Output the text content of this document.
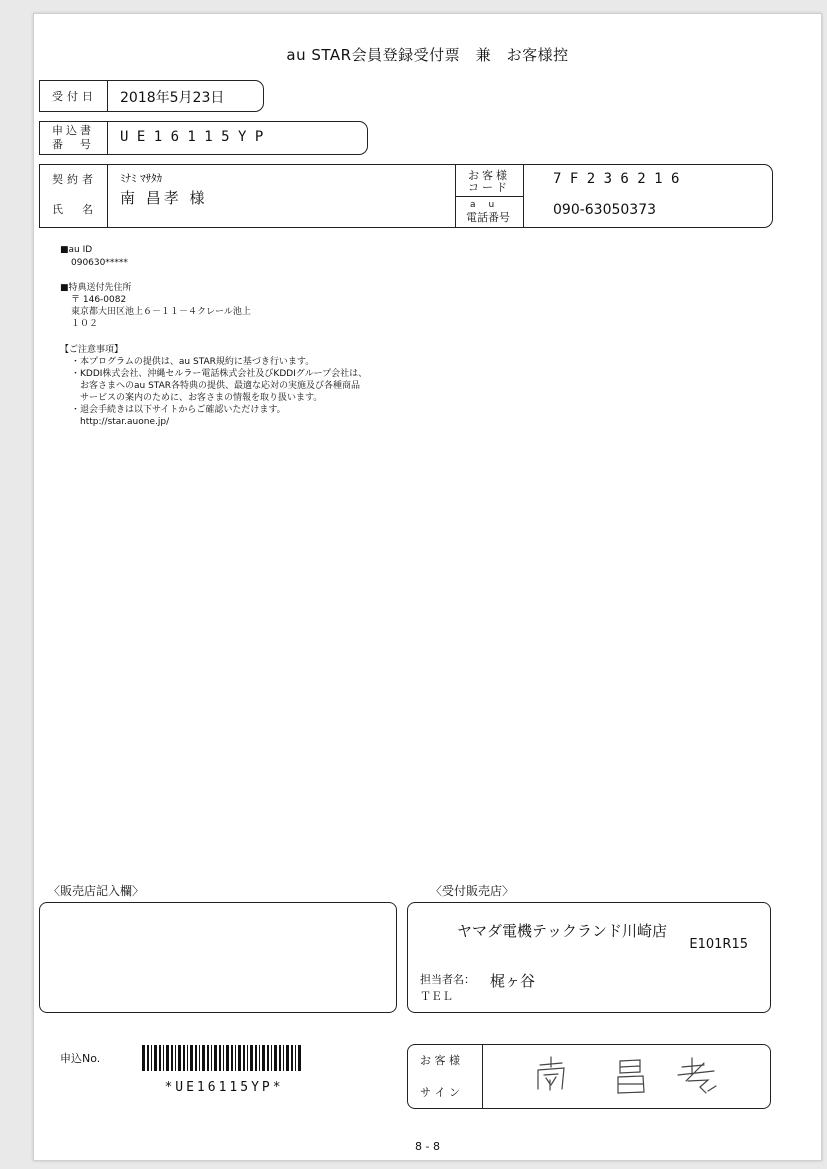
au STAR会員登録受付票　兼　お客様控
受付日 2018年5月23日
申込書
番　号 U E 1 6 1 1 5 Y P
契約者
氏　名
ﾐﾅﾐ ﾏｻﾀｶ
南 昌孝 様
お客様
コード
a　u
電話番号
7 F 2 3 6 2 1 6
090-63050373
■au ID
090630*****
■特典送付先住所
〒 146-0082
東京都大田区池上６－１１－４クレール池上
１０２
【ご注意事項】
・本プログラムの提供は、au STAR規約に基づき行います。
・KDDI株式会社、沖縄セルラー電話株式会社及びKDDIグループ会社は、
　お客さまへのau STAR各特典の提供、最適な応対の実施及び各種商品
　サービスの案内のために、お客さまの情報を取り扱います。
・退会手続きは以下サイトからご確認いただけます。
　http://star.auone.jp/
〈販売店記入欄〉	〈受付販売店〉
ヤマダ電機テックランド川崎店
E101R15
担当者名： 梶ヶ谷
ＴＥＬ
申込No.
*UE16115YP*
お 客 様
サ イ ン
8 - 8
